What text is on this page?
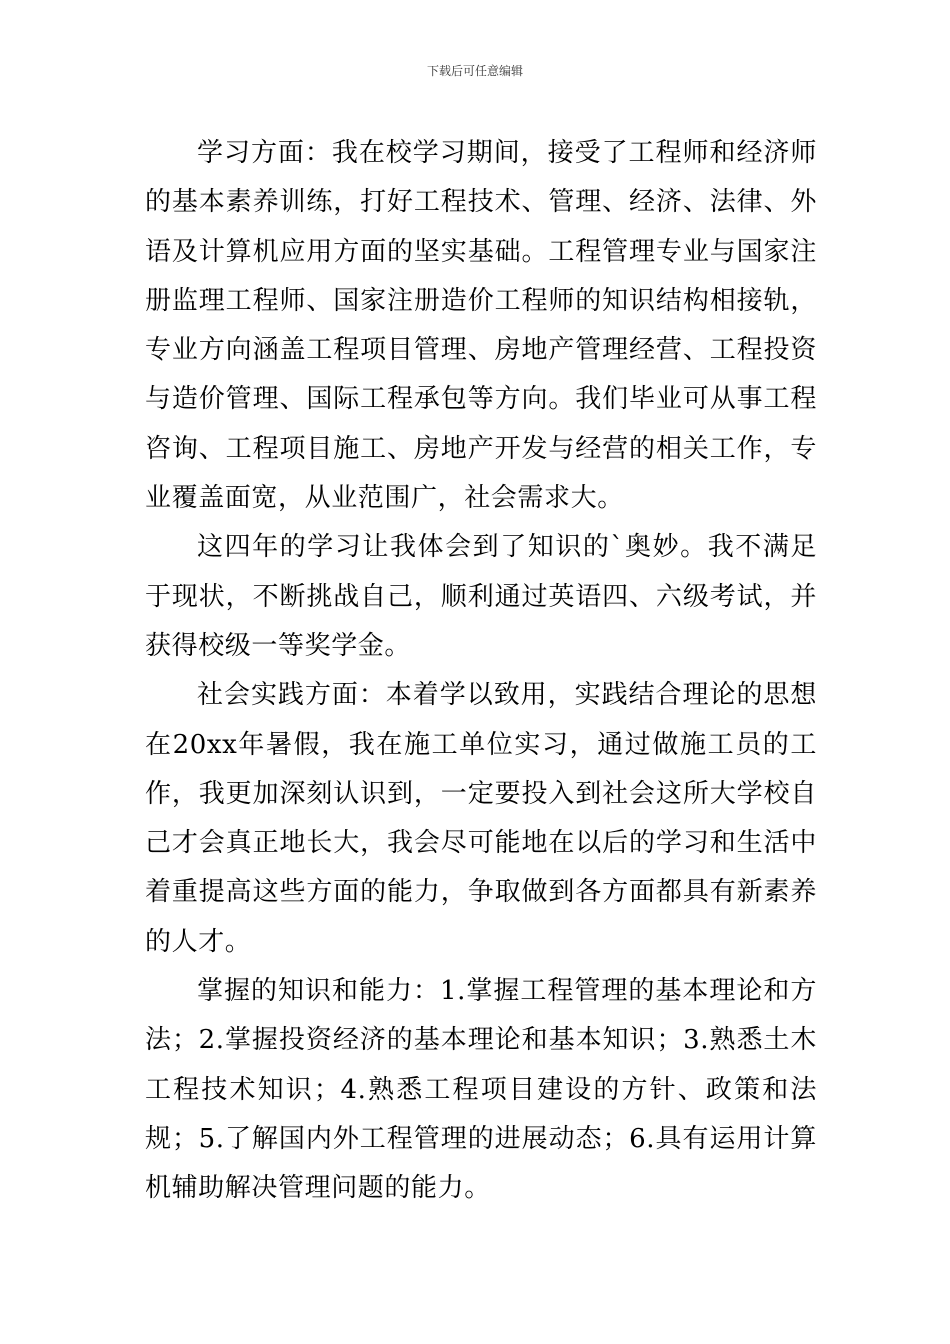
下载后可任意编辑

学习方面：我在校学习期间，接受了工程师和经济师的基本素养训练，打好工程技术、管理、经济、法律、外语及计算机应用方面的坚实基础。工程管理专业与国家注册监理工程师、国家注册造价工程师的知识结构相接轨，专业方向涵盖工程项目管理、房地产管理经营、工程投资与造价管理、国际工程承包等方向。我们毕业可从事工程咨询、工程项目施工、房地产开发与经营的相关工作，专业覆盖面宽，从业范围广，社会需求大。

这四年的学习让我体会到了知识的`奥妙。我不满足于现状，不断挑战自己，顺利通过英语四、六级考试，并获得校级一等奖学金。

社会实践方面：本着学以致用，实践结合理论的思想在20xx年暑假，我在施工单位实习，通过做施工员的工作，我更加深刻认识到，一定要投入到社会这所大学校自己才会真正地长大，我会尽可能地在以后的学习和生活中着重提高这些方面的能力，争取做到各方面都具有新素养的人才。

掌握的知识和能力：1.掌握工程管理的基本理论和方法；2.掌握投资经济的基本理论和基本知识；3.熟悉土木工程技术知识；4.熟悉工程项目建设的方针、政策和法规；5.了解国内外工程管理的进展动态；6.具有运用计算机辅助解决管理问题的能力。
